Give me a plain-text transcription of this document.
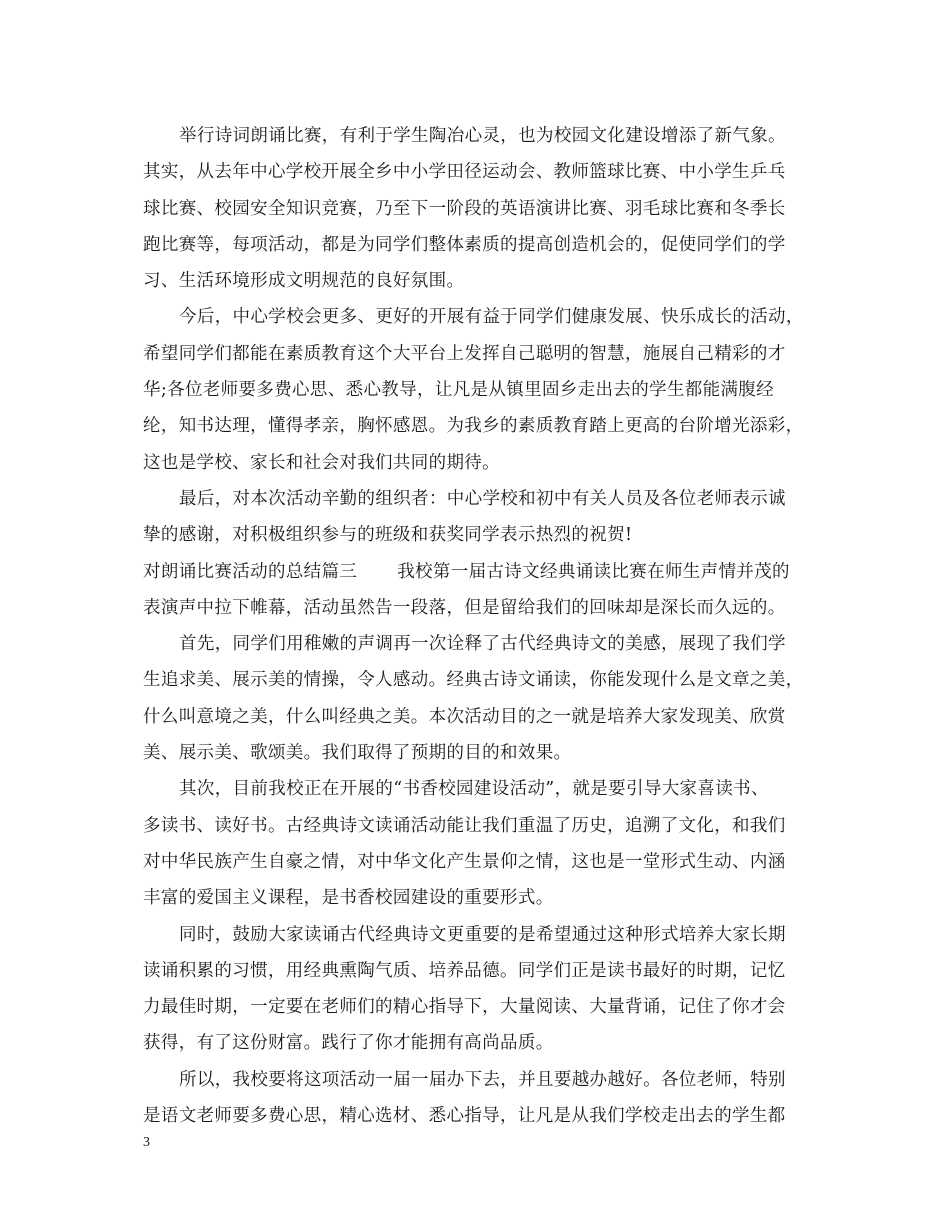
举行诗词朗诵比赛，有利于学生陶冶心灵，也为校园文化建设增添了新气象。
其实，从去年中心学校开展全乡中小学田径运动会、教师篮球比赛、中小学生乒乓
球比赛、校园安全知识竞赛，乃至下一阶段的英语演讲比赛、羽毛球比赛和冬季长
跑比赛等，每项活动，都是为同学们整体素质的提高创造机会的，促使同学们的学
习、生活环境形成文明规范的良好氛围。
今后，中心学校会更多、更好的开展有益于同学们健康发展、快乐成长的活动，
希望同学们都能在素质教育这个大平台上发挥自己聪明的智慧，施展自己精彩的才
华;各位老师要多费心思、悉心教导，让凡是从镇里固乡走出去的学生都能满腹经
纶，知书达理，懂得孝亲，胸怀感恩。为我乡的素质教育踏上更高的台阶增光添彩，
这也是学校、家长和社会对我们共同的期待。
最后，对本次活动辛勤的组织者：中心学校和初中有关人员及各位老师表示诚
挚的感谢，对积极组织参与的班级和获奖同学表示热烈的祝贺!
对朗诵比赛活动的总结篇三 我校第一届古诗文经典诵读比赛在师生声情并茂的
表演声中拉下帷幕，活动虽然告一段落，但是留给我们的回味却是深长而久远的。
首先，同学们用稚嫩的声调再一次诠释了古代经典诗文的美感，展现了我们学
生追求美、展示美的情操，令人感动。经典古诗文诵读，你能发现什么是文章之美，
什么叫意境之美，什么叫经典之美。本次活动目的之一就是培养大家发现美、欣赏
美、展示美、歌颂美。我们取得了预期的目的和效果。
其次，目前我校正在开展的“书香校园建设活动”，就是要引导大家喜读书、
多读书、读好书。古经典诗文读诵活动能让我们重温了历史，追溯了文化，和我们
对中华民族产生自豪之情，对中华文化产生景仰之情，这也是一堂形式生动、内涵
丰富的爱国主义课程，是书香校园建设的重要形式。
同时，鼓励大家读诵古代经典诗文更重要的是希望通过这种形式培养大家长期
读诵积累的习惯，用经典熏陶气质、培养品德。同学们正是读书最好的时期，记忆
力最佳时期，一定要在老师们的精心指导下，大量阅读、大量背诵，记住了你才会
获得，有了这份财富。践行了你才能拥有高尚品质。
所以，我校要将这项活动一届一届办下去，并且要越办越好。各位老师，特别
是语文老师要多费心思，精心选材、悉心指导，让凡是从我们学校走出去的学生都
3
